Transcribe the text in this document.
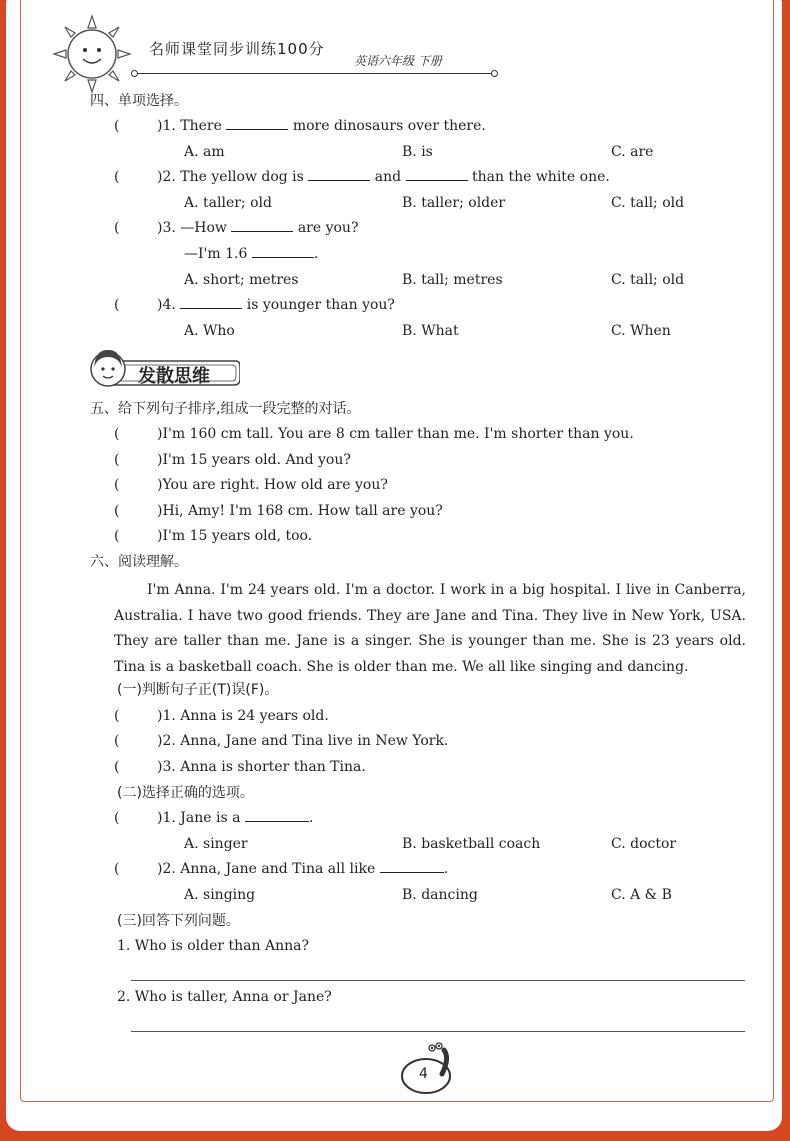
名师课堂同步训练100分
英语六年级 下册
四、单项选择。
(	)1. There	more dinosaurs over there.
A. am	B. is	C. are
(	)2. The yellow dog is	and	than the white one.
A. taller; old	B. taller; older	C. tall; old
(	)3. —How	are you?
—I'm 1.6	.
A. short; metres	B. tall; metres	C. tall; old
(	)4.	is younger than you?
A. Who	B. What	C. When
发散思维
五、给下列句子排序,组成一段完整的对话。
(	)I'm 160 cm tall. You are 8 cm taller than me. I'm shorter than you.
(	)I'm 15 years old. And you?
(	)You are right. How old are you?
(	)Hi, Amy! I'm 168 cm. How tall are you?
(	)I'm 15 years old, too.
六、阅读理解。
I'm Anna. I'm 24 years old. I'm a doctor. I work in a big hospital. I live in Canberra, Australia. I have two good friends. They are Jane and Tina. They live in New York, USA. They are taller than me. Jane is a singer. She is younger than me. She is 23 years old. Tina is a basketball coach. She is older than me. We all like singing and dancing.
(一)判断句子正(T)误(F)。
(	)1. Anna is 24 years old.
(	)2. Anna, Jane and Tina live in New York.
(	)3. Anna is shorter than Tina.
(二)选择正确的选项。
(	)1. Jane is a	.
A. singer	B. basketball coach	C. doctor
(	)2. Anna, Jane and Tina all like	.
A. singing	B. dancing	C. A & B
(三)回答下列问题。
1. Who is older than Anna?
2. Who is taller, Anna or Jane?
4
